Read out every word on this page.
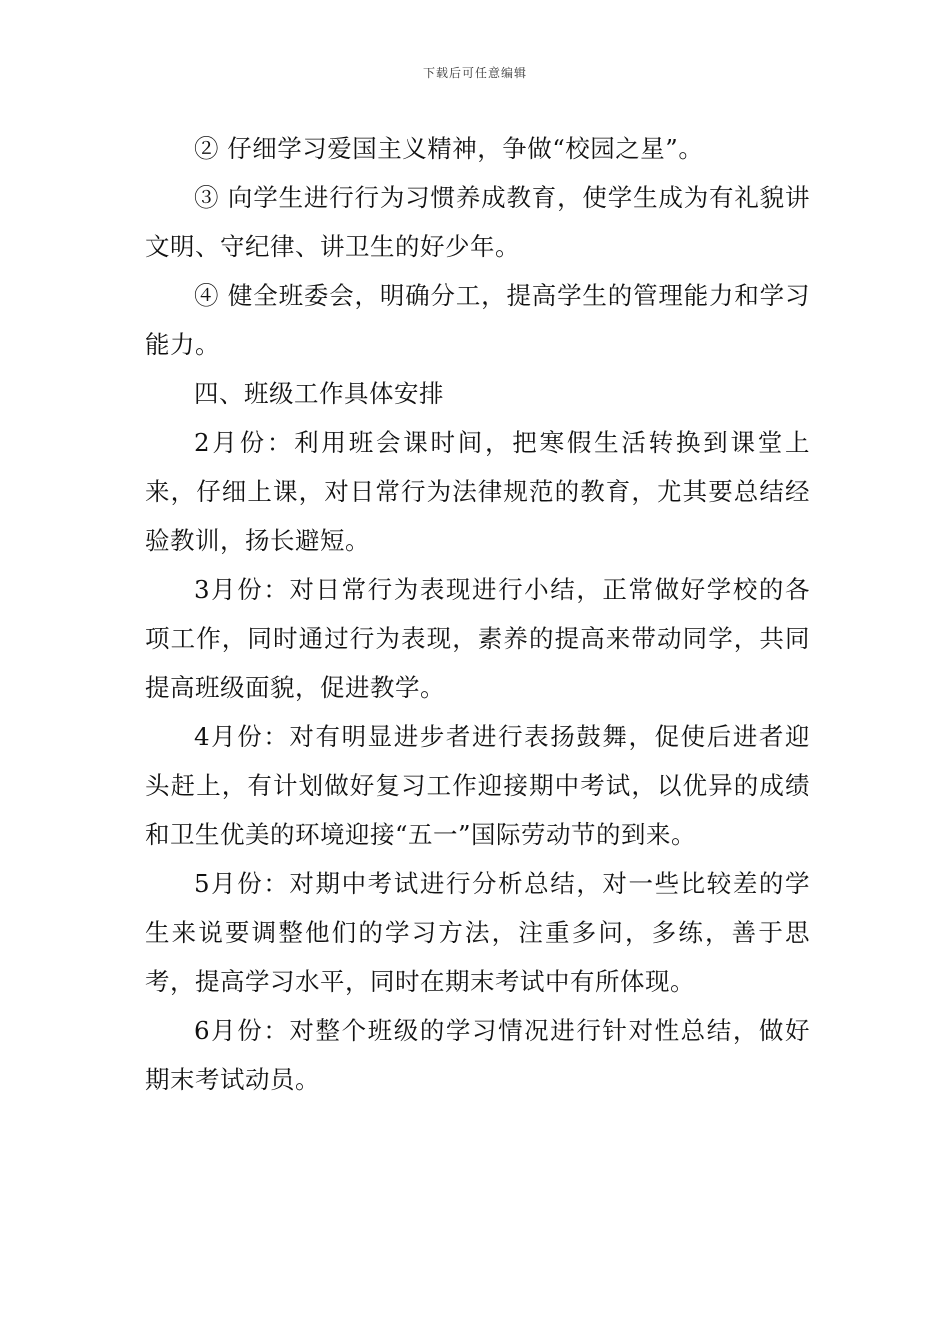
下载后可任意编辑

② 仔细学习爱国主义精神，争做“校园之星”。

③ 向学生进行行为习惯养成教育，使学生成为有礼貌讲文明、守纪律、讲卫生的好少年。

④ 健全班委会，明确分工，提高学生的管理能力和学习能力。

四、班级工作具体安排

2月份：利用班会课时间，把寒假生活转换到课堂上来，仔细上课，对日常行为法律规范的教育，尤其要总结经验教训，扬长避短。

3月份：对日常行为表现进行小结，正常做好学校的各项工作，同时通过行为表现，素养的提高来带动同学，共同提高班级面貌，促进教学。

4月份：对有明显进步者进行表扬鼓舞，促使后进者迎头赶上，有计划做好复习工作迎接期中考试，以优异的成绩和卫生优美的环境迎接“五一”国际劳动节的到来。

5月份：对期中考试进行分析总结，对一些比较差的学生来说要调整他们的学习方法，注重多问，多练，善于思考，提高学习水平，同时在期末考试中有所体现。

6月份：对整个班级的学习情况进行针对性总结，做好期末考试动员。
